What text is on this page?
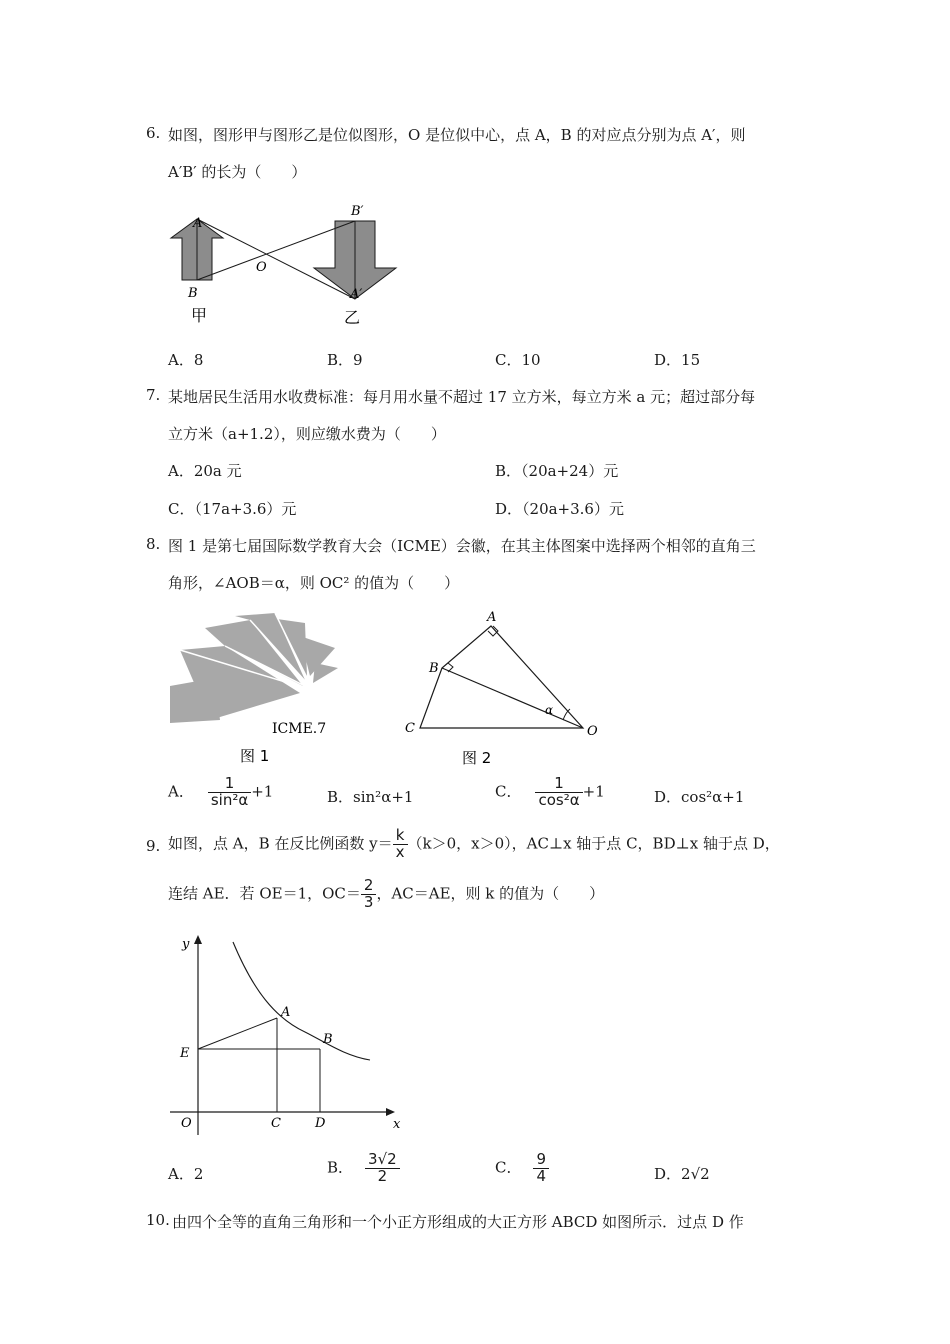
6. 如图，图形甲与图形乙是位似图形，O 是位似中心，点 A，B 的对应点分别为点 A′，则
A′B′ 的长为（　　）
A
B
O
B′
A′
甲	乙
A．8	B．9	C．10	D．15
7. 某地居民生活用水收费标准：每月用水量不超过 17 立方米，每立方米 a 元；超过部分每
立方米（a+1.2），则应缴水费为（　　）
A．20a 元	B．（20a+24）元
C．（17a+3.6）元	D．（20a+3.6）元
8. 图 1 是第七届国际数学教育大会（ICME）会徽，在其主体图案中选择两个相邻的直角三
角形，∠AOB＝α，则 OC² 的值为（　　）
ICME.7
图 1
A
B
C	O
α
图 2
A． $\frac{1}{\text{sin²α}} +1$	B．sin²α+1	C． $\frac{1}{\text{cos²α}} +1$	D．cos²α+1
9. 如图，点 A，B 在反比例函数 $y= \frac{k}{x} (k>0$，x＞0），AC⊥x 轴于点 C，BD⊥x 轴于点 D，
连结 AE．若 OE＝1，$OC= \frac{2}{3}$ ，AC＝AE，则 k 的值为（　　）
y
x
O
E
A
B
C	D
A．2	B． $\frac{3√2}{2}$	C． $\frac{9}{4}$	D．2√2
10. 由四个全等的直角三角形和一个小正方形组成的大正方形 ABCD 如图所示．过点 D 作
